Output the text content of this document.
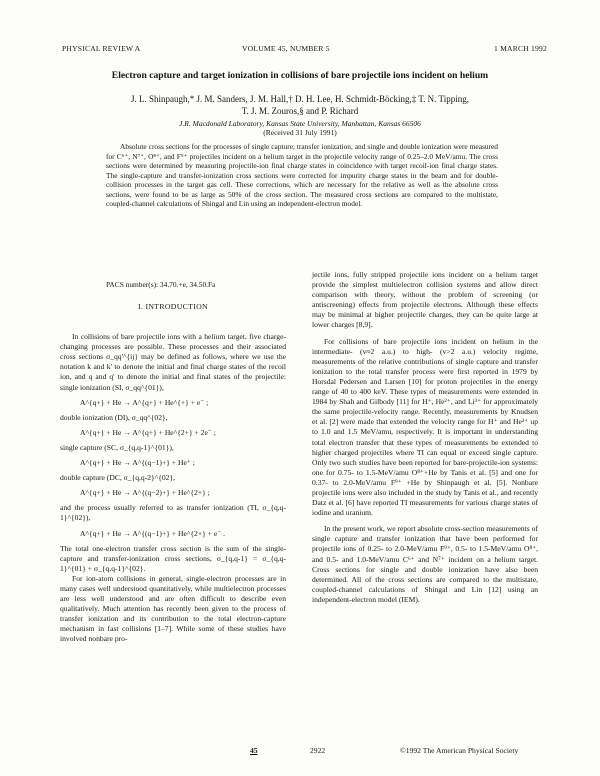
PHYSICAL REVIEW A	VOLUME 45, NUMBER 5	1 MARCH 1992
Electron capture and target ionization in collisions of bare projectile ions incident on helium
J. L. Shinpaugh,* J. M. Sanders, J. M. Hall,† D. H. Lee, H. Schmidt-Böcking,‡ T. N. Tipping,
T. J. M. Zouros,§ and P. Richard
J.R. Macdonald Laboratory, Kansas State University, Manhattan, Kansas 66506
(Received 31 July 1991)

Absolute cross sections for the processes of single capture, transfer ionization, and single and double ionization were measured for C⁶⁺, N⁷⁺, O⁸⁺, and F⁹⁺ projectiles incident on a helium target in the projectile velocity range of 0.25–2.0 MeV/amu. The cross sections were determined by measuring projectile-ion final charge states in coincidence with target recoil-ion final charge states. The single-capture and transfer-ionization cross sections were corrected for impurity charge states in the beam and for double-collision processes in the target gas cell. These corrections, which are necessary for the relative as well as the absolute cross sections, were found to be as large as 50% of the cross section. The measured cross sections are compared to the multistate, coupled-channel calculations of Shingal and Lin using an independent-electron model.

PACS number(s): 34.70.+e, 34.50.Fa
I. INTRODUCTION

In collisions of bare projectile ions with a helium target, five charge-changing processes are possible. These processes and their associated cross sections σ_qq'^{ij} may be defined as follows, where we use the notation k and k' to denote the initial and final charge states of the recoil ion, and q and q' to denote the initial and final states of the projectile: single ionization (SI, σ_qq^{01}),

A^{q+} + He → A^{q+} + He^{+} + e⁻ ;

double ionization (DI), σ_qq^{02},

A^{q+} + He → A^{q+} + He^{2+} + 2e⁻ ;

single capture (SC, σ_{q,q-1}^{01}),

A^{q+} + He → A^{(q−1)+} + He⁺ ;

double capture (DC, σ_{q,q-2}^{02},

A^{q+} + He → A^{(q−2)+} + He^{2+} ;

and the process usually referred to as transfer ionization (TI, σ_{q,q-1}^{02}),

A^{q+} + He → A^{(q−1)+} + He^{2+} + e⁻ .

The total one-electron transfer cross section is the sum of the single-capture and transfer-ionization cross sections, σ_{q,q-1} = σ_{q,q-1}^{01} + σ_{q,q-1}^{02}.

For ion-atom collisions in general, single-electron processes are in many cases well understood quantitatively, while multielectron processes are less well understood and are often difficult to describe even qualitatively. Much attention has recently been given to the process of transfer ionization and its contribution to the total electron-capture mechanism in fast collisions [1–7]. While some of these studies have involved nonbare pro-

jectile ions, fully stripped projectile ions incident on a helium target provide the simplest multielectron collision systems and allow direct comparison with theory, without the problem of screening (or antiscreening) effects from projectile electrons. Although these effects may be minimal at higher projectile charges, they can be quite large at lower charges [8,9].

For collisions of bare projectile ions incident on helium in the intermediate- (v≈2 a.u.) to high- (v>2 a.u.) velocity regime, measurements of the relative contributions of single capture and transfer ionization to the total transfer process were first reported in 1979 by Horsdal Pedersen and Larsen [10] for proton projectiles in the energy range of 40 to 400 keV. These types of measurements were extended in 1984 by Shah and Gilbody [11] for H⁺, He²⁺, and Li³⁺ for approximately the same projectile-velocity range. Recently, measurements by Knudsen et al. [2] were made that extended the velocity range for H⁺ and He²⁺ up to 1.0 and 1.5 MeV/amu, respectively. It is important in understanding total electron transfer that these types of measurements be extended to higher charged projectiles where TI can equal or exceed single capture. Only two such studies have been reported for bare-projectile-ion systems: one for 0.75- to 1.5-MeV/amu O⁸⁺+He by Tanis et al. [5] and one for 0.37- to 2.0-MeV/amu F⁹⁺ +He by Shinpaugh et al. [5]. Nonbare projectile ions were also included in the study by Tanis et al., and recently Datz et al. [6] have reported TI measurements for various charge states of iodine and uranium.

In the present work, we report absolute cross-section measurements of single capture and transfer ionization that have been performed for projectile ions of 0.25- to 2.0-MeV/amu F⁹⁺, 0.5- to 1.5-MeV/amu O⁸⁺, and 0.5- and 1.0-MeV/amu C⁶⁺ and N⁷⁺ incident on a helium target. Cross sections for single and double ionization have also been determined. All of the cross sections are compared to the multistate, coupled-channel calculations of Shingal and Lin [12] using an independent-electron model (IEM).

45	2922	©1992 The American Physical Society
